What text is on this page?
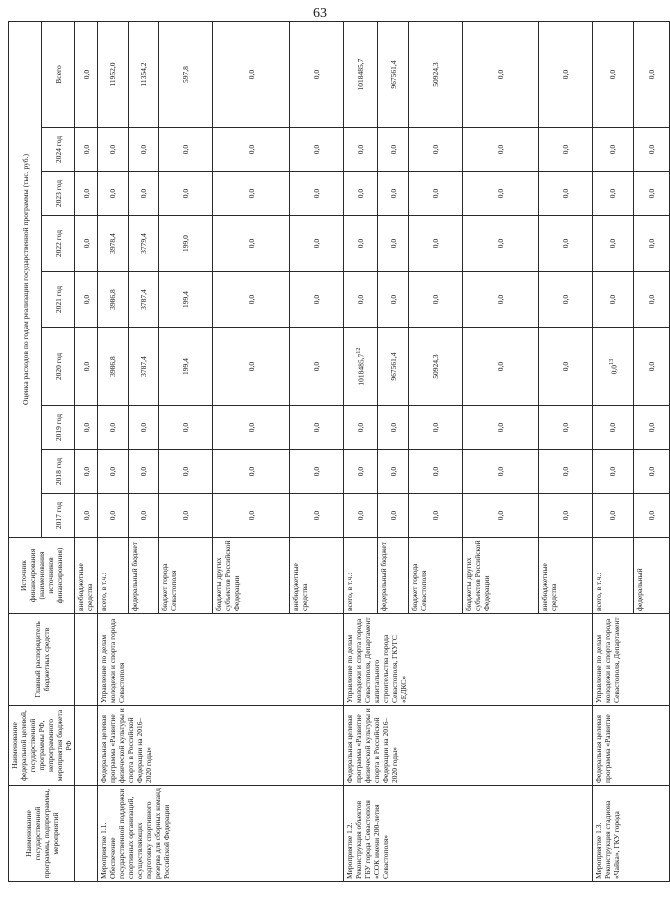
63
Наименование государственной программы, подпрограммы, мероприятий	Наименование федеральной целевой, государственной программы РФ, непрограммного мероприятия бюджета РФ	Главный распорядитель бюджетных средств	Источник финансирования (наименования источников финансирования)	Оценка расходов по годам реализации государственной программы (тыс. руб.)								
				2017 год	2018 год	2019 год	2020 год	2021 год	2022 год	2023 год	2024 год	Всего
			внебюджетные средства	0,0	0,0	0,0	0,0	0,0	0,0	0,0	0,0	0,0
Мероприятие 1.1. Обеспечение государственной поддержки спортивных организаций, осуществляющих подготовку спортивного резерва для сборных команд Российской Федерации	Федеральная целевая программа «Развитие физической культуры и спорта в Российской Федерации на 2016–2020 годы»	Управление по делам молодежи и спорта города Севастополя	всего, в т.ч.:	0,0	0,0	0,0	3986,8	3986,8	3978,4	0,0	0,0	11952,0
			федеральный бюджет	0,0	0,0	0,0	3787,4	3787,4	3779,4	0,0	0,0	11354,2
			бюджет города Севастополя	0,0	0,0	0,0	199,4	199,4	199,0	0,0	0,0	597,8
			бюджеты других субъектов Российской Федерации	0,0	0,0	0,0	0,0	0,0	0,0	0,0	0,0	0,0
			внебюджетные средства	0,0	0,0	0,0	0,0	0,0	0,0	0,0	0,0	0,0
Мероприятие 1.2. Реконструкция объектов ГБУ города Севастополя «СОК имени 200-летия Севастополя»	Федеральная целевая программа «Развитие физической культуры и спорта в Российской Федерации на 2016–2020 годы»	Управление по делам молодежи и спорта города Севастополя, Департамент капитального строительства города Севастополя, ГКУГС «ЕДКС»	всего, в т.ч.:	0,0	0,0	0,0	1018485,7$^{12}$	0,0	0,0	0,0	0,0	1018485,7
			федеральный бюджет	0,0	0,0	0,0	967561,4	0,0	0,0	0,0	0,0	967561,4
			бюджет города Севастополя	0,0	0,0	0,0	50924,3	0,0	0,0	0,0	0,0	50924,3
			бюджеты других субъектов Российской Федерации	0,0	0,0	0,0	0,0	0,0	0,0	0,0	0,0	0,0
			внебюджетные средства	0,0	0,0	0,0	0,0	0,0	0,0	0,0	0,0	0,0
Мероприятие 1.3. Реконструкция стадиона «Чайка», ГКУ города	Федеральная целевая программа «Развитие	Управление по делам молодежи и спорта города Севастополя, Департамент	всего, в т.ч.:	0,0	0,0	0,0	$0,0^{13}$	0,0	0,0	0,0	0,0	0,0
			федеральный	0,0	0,0	0,0	0,0	0,0	0,0	0,0	0,0	0,0
